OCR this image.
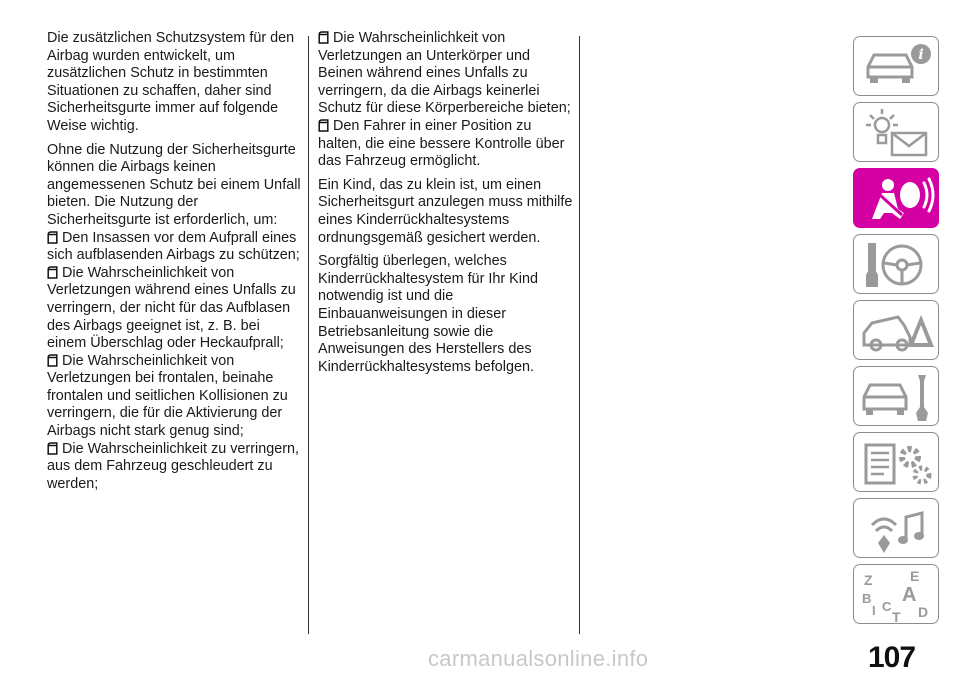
Die zusätzlichen Schutzsystem für den Airbag wurden entwickelt, um zusätzlichen Schutz in bestimmten Situationen zu schaffen, daher sind Sicherheitsgurte immer auf folgende Weise wichtig.

Ohne die Nutzung der Sicherheitsgurte können die Airbags keinen angemessenen Schutz bei einem Unfall bieten. Die Nutzung der Sicherheitsgurte ist erforderlich, um:

Den Insassen vor dem Aufprall eines sich aufblasenden Airbags zu schützen;

Die Wahrscheinlichkeit von Verletzungen während eines Unfalls zu verringern, der nicht für das Aufblasen des Airbags geeignet ist, z. B. bei einem Überschlag oder Heckaufprall;

Die Wahrscheinlichkeit von Verletzungen bei frontalen, beinahe frontalen und seitlichen Kollisionen zu verringern, die für die Aktivierung der Airbags nicht stark genug sind;

Die Wahrscheinlichkeit zu verringern, aus dem Fahrzeug geschleudert zu werden;

Die Wahrscheinlichkeit von Verletzungen an Unterkörper und Beinen während eines Unfalls zu verringern, da die Airbags keinerlei Schutz für diese Körperbereiche bieten;

Den Fahrer in einer Position zu halten, die eine bessere Kontrolle über das Fahrzeug ermöglicht.

Ein Kind, das zu klein ist, um einen Sicherheitsgurt anzulegen muss mithilfe eines Kinderrückhaltesystems ordnungsgemäß gesichert werden.

Sorgfältig überlegen, welches Kinderrückhaltesystem für Ihr Kind notwendig ist und die Einbauanweisungen in dieser Betriebsanleitung sowie die Anweisungen des Herstellers des Kinderrückhaltesystems befolgen.

i
Z	E
B A
I C D
T
carmanualsonline.info	107
